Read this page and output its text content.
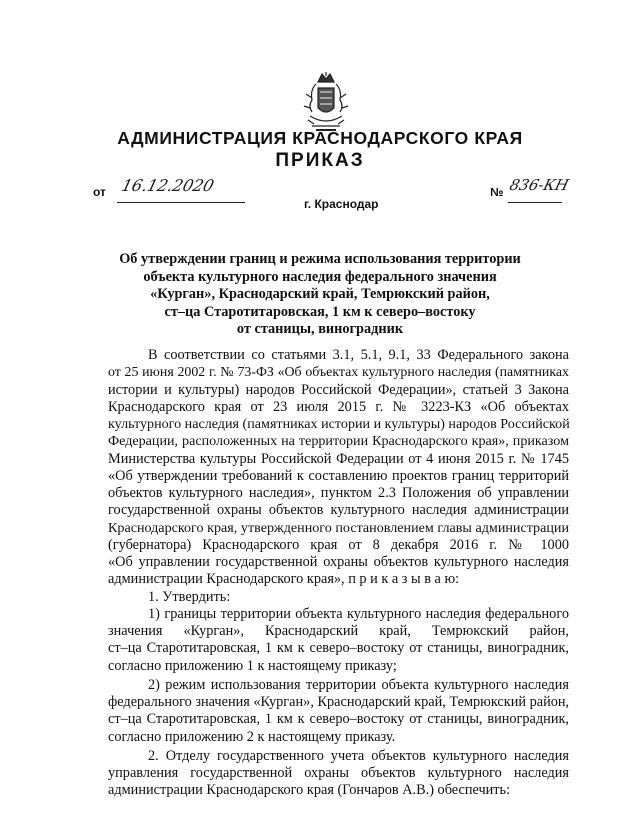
АДМИНИСТРАЦИЯ КРАСНОДАРСКОГО КРАЯ
ПРИКАЗ
от 16.12.2020	№ 836-КН
г. Краснодар
Об утверждении границ и режима использования территории
объекта культурного наследия федерального значения
«Курган», Краснодарский край, Темрюкский район,
ст–ца Старотитаровская, 1 км к северо–востоку
от станицы, виноградник
В соответствии со статьями 3.1, 5.1, 9.1, 33 Федерального закона
от 25 июня 2002 г. № 73-ФЗ «Об объектах культурного наследия (памятниках
истории и культуры) народов Российской Федерации», статьей 3 Закона
Краснодарского края от 23 июля 2015 г. № 3223-КЗ «Об объектах
культурного наследия (памятниках истории и культуры) народов Российской
Федерации, расположенных на территории Краснодарского края», приказом
Министерства культуры Российской Федерации от 4 июня 2015 г. № 1745
«Об утверждении требований к составлению проектов границ территорий
объектов культурного наследия», пунктом 2.3 Положения об управлении
государственной охраны объектов культурного наследия администрации
Краснодарского края, утвержденного постановлением главы администрации
(губернатора) Краснодарского края от 8 декабря 2016 г. № 1000
«Об управлении государственной охраны объектов культурного наследия
администрации Краснодарского края», п р и к а з ы в а ю:
1. Утвердить:
1) границы территории объекта культурного наследия федерального
значения «Курган», Краснодарский край, Темрюкский район,
ст–ца Старотитаровская, 1 км к северо–востоку от станицы, виноградник,
согласно приложению 1 к настоящему приказу;
2) режим использования территории объекта культурного наследия
федерального значения «Курган», Краснодарский край, Темрюкский район,
ст–ца Старотитаровская, 1 км к северо–востоку от станицы, виноградник,
согласно приложению 2 к настоящему приказу.
2. Отделу государственного учета объектов культурного наследия
управления государственной охраны объектов культурного наследия
администрации Краснодарского края (Гончаров А.В.) обеспечить:
